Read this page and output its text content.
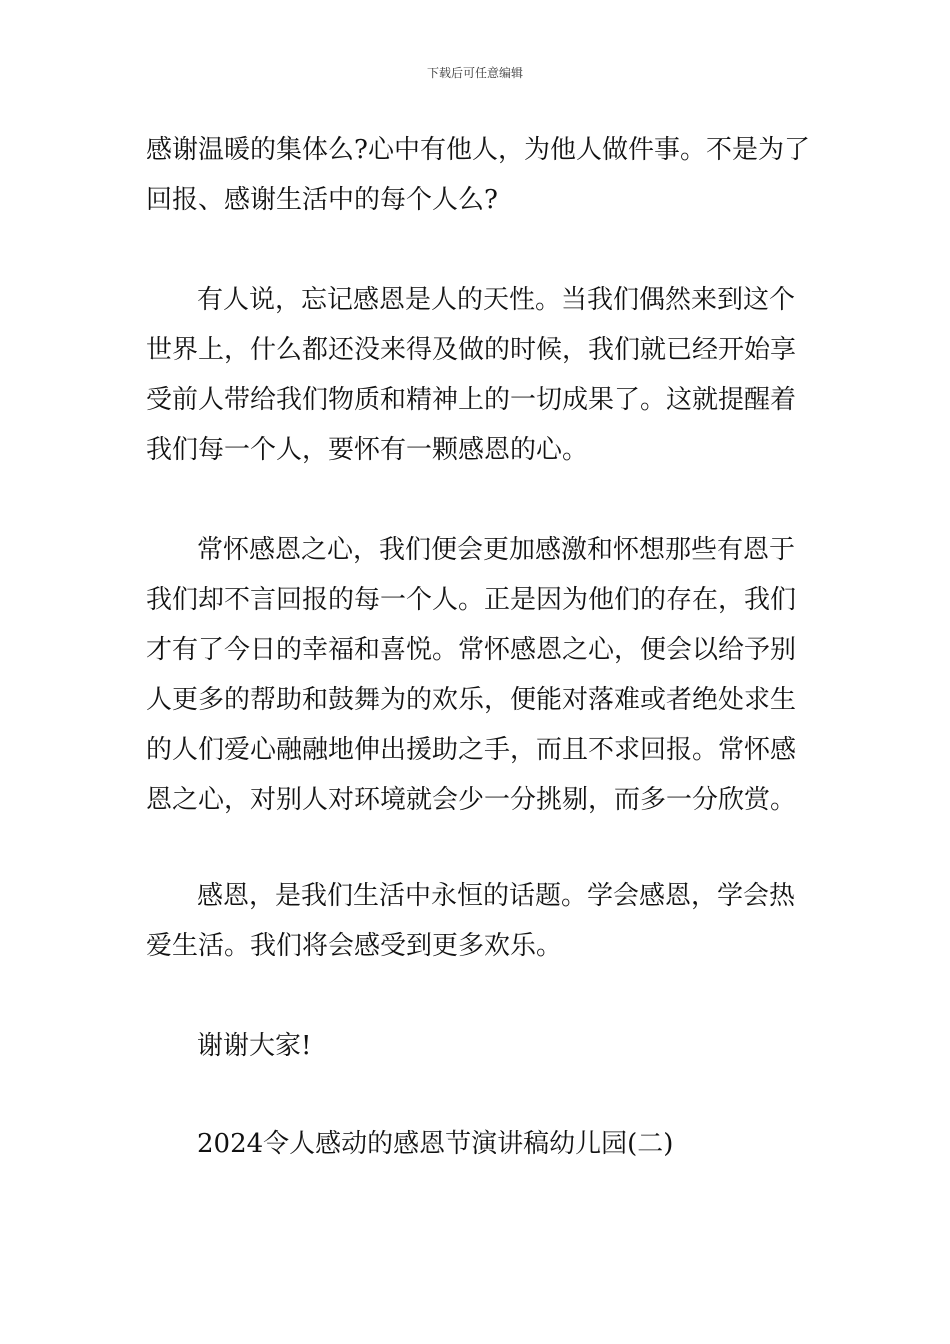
下载后可任意编辑
感谢温暖的集体么?心中有他人，为他人做件事。不是为了
回报、感谢生活中的每个人么?
有人说，忘记感恩是人的天性。当我们偶然来到这个
世界上，什么都还没来得及做的时候，我们就已经开始享
受前人带给我们物质和精神上的一切成果了。这就提醒着
我们每一个人，要怀有一颗感恩的心。
常怀感恩之心，我们便会更加感激和怀想那些有恩于
我们却不言回报的每一个人。正是因为他们的存在，我们
才有了今日的幸福和喜悦。常怀感恩之心，便会以给予别
人更多的帮助和鼓舞为的欢乐，便能对落难或者绝处求生
的人们爱心融融地伸出援助之手，而且不求回报。常怀感
恩之心，对别人对环境就会少一分挑剔，而多一分欣赏。
感恩，是我们生活中永恒的话题。学会感恩，学会热
爱生活。我们将会感受到更多欢乐。
谢谢大家!
2024令人感动的感恩节演讲稿幼儿园(二)
